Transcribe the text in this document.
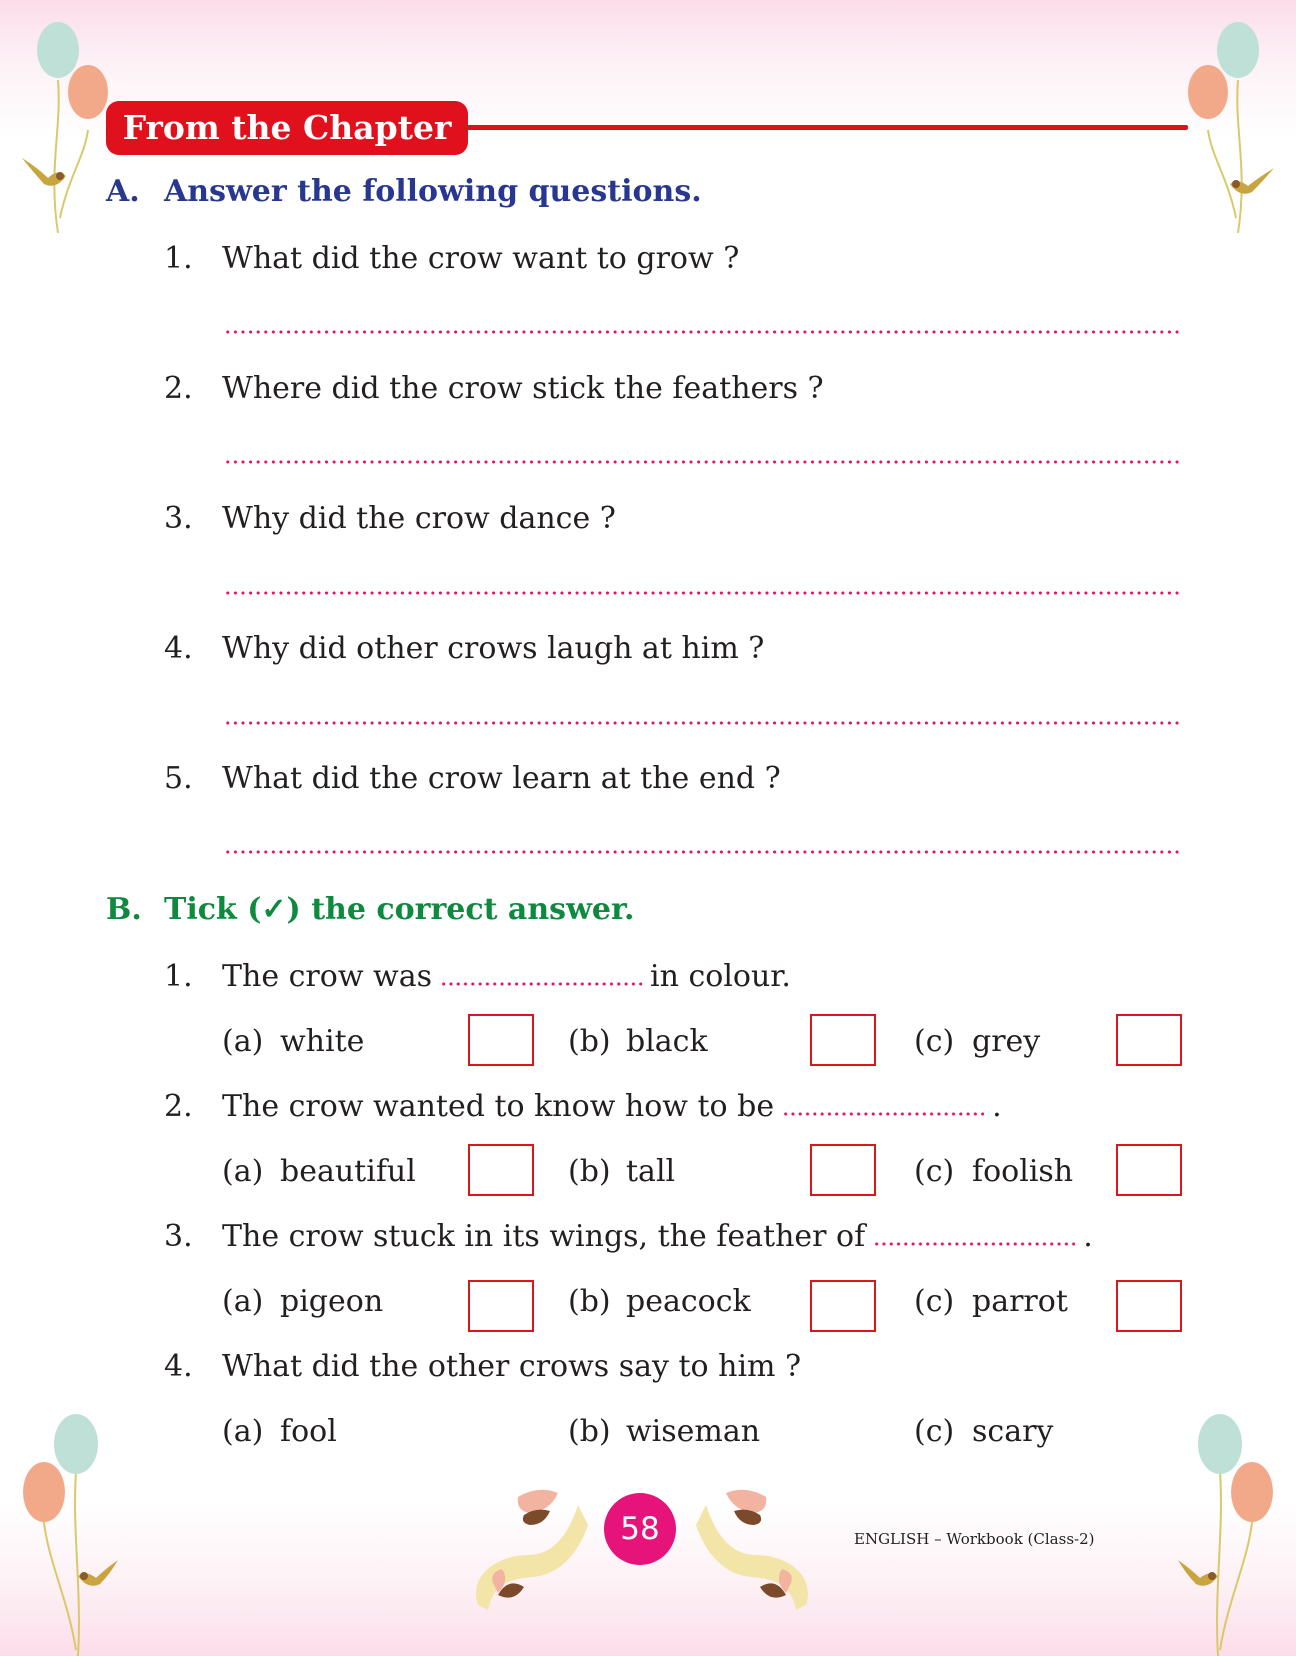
From the Chapter
A. Answer the following questions.
1. What did the crow want to grow ?
2. Where did the crow stick the feathers ?
3. Why did the crow dance ?
4. Why did other crows laugh at him ?
5. What did the crow learn at the end ?
B. Tick (✓) the correct answer.
1. The crow was	in colour.
(a) white	(b) black	(c) grey
2. The crow wanted to know how to be	.
(a) beautiful	(b) tall	(c) foolish
3. The crow stuck in its wings, the feather of	.
(a) pigeon	(b) peacock	(c) parrot
4. What did the other crows say to him ?
(a) fool	(b) wiseman	(c) scary
58	ENGLISH – Workbook (Class-2)
